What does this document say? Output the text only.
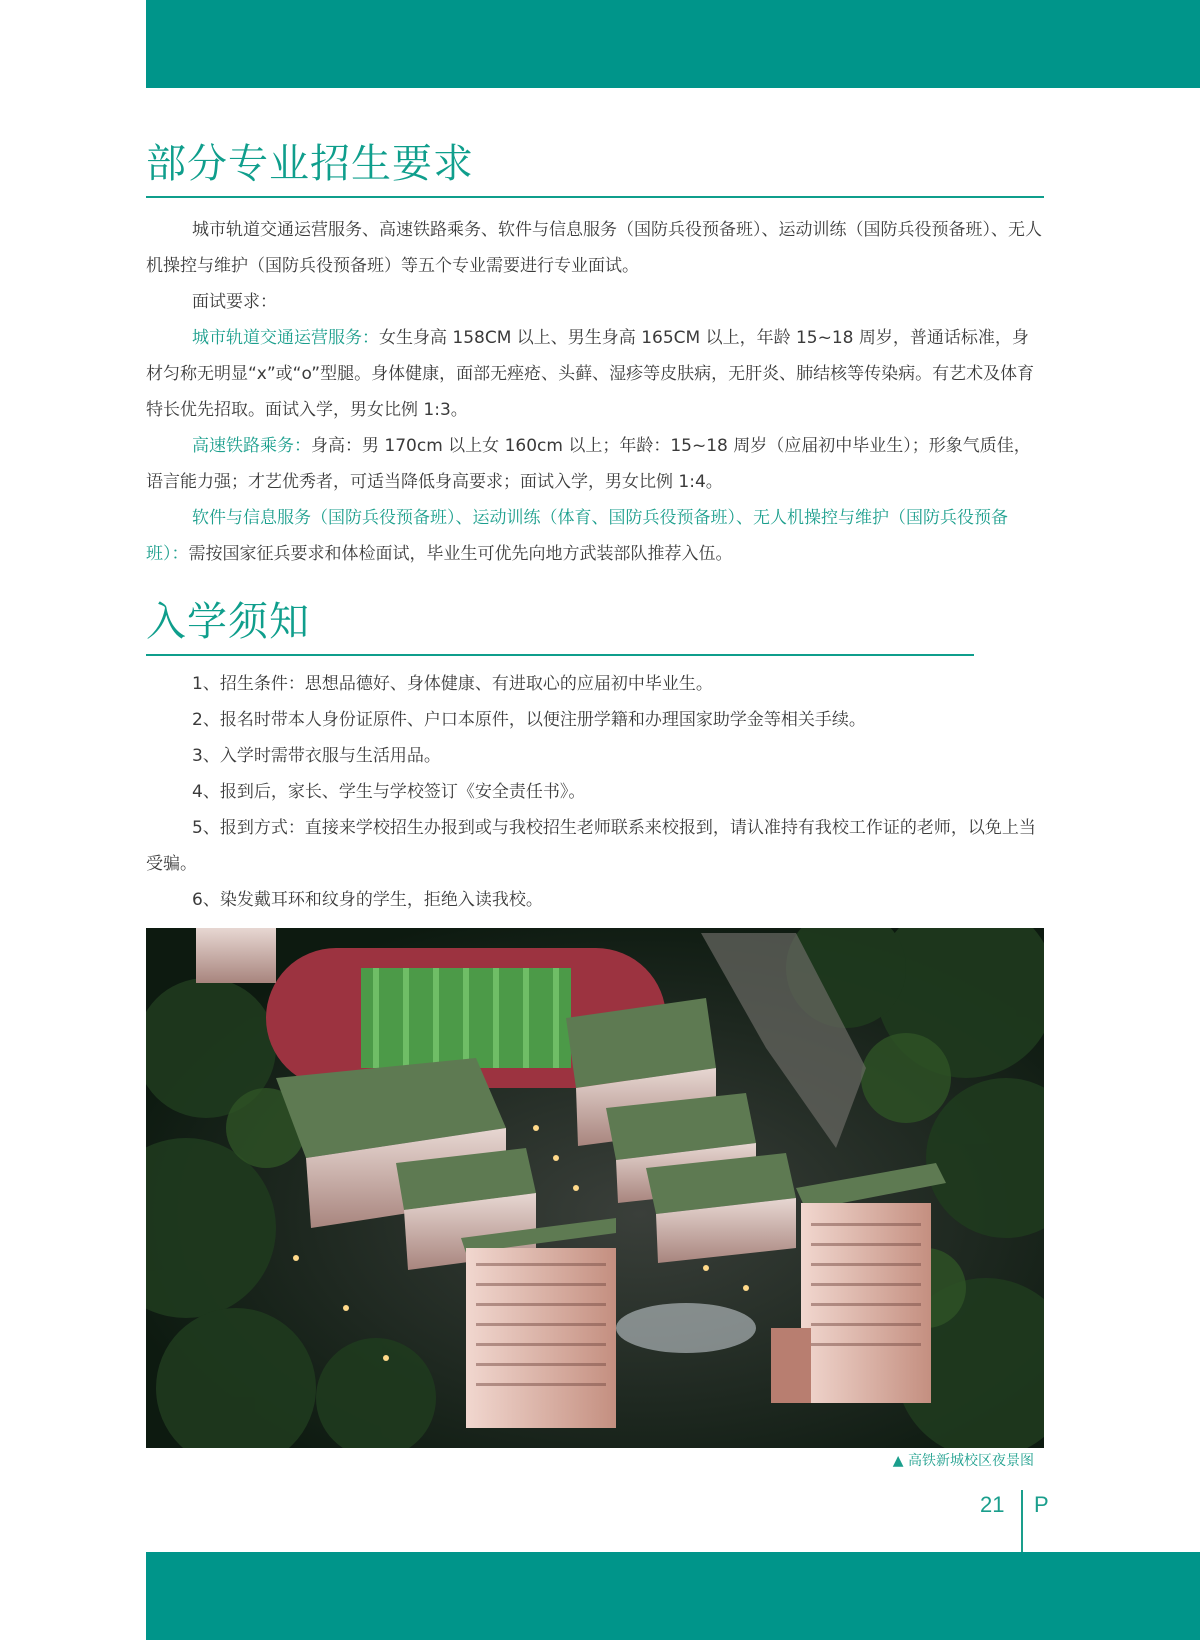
部分专业招生要求

城市轨道交通运营服务、高速铁路乘务、软件与信息服务（国防兵役预备班）、运动训练（国防兵役预备班）、无人机操控与维护（国防兵役预备班）等五个专业需要进行专业面试。

面试要求：

城市轨道交通运营服务：女生身高 158CM 以上、男生身高 165CM 以上，年龄 15~18 周岁，普通话标准，身材匀称无明显“x”或“o”型腿。身体健康，面部无痤疮、头藓、湿疹等皮肤病，无肝炎、肺结核等传染病。有艺术及体育特长优先招取。面试入学，男女比例 1:3。

高速铁路乘务：身高：男 170cm 以上女 160cm 以上；年龄：15~18 周岁（应届初中毕业生）；形象气质佳，语言能力强；才艺优秀者，可适当降低身高要求；面试入学，男女比例 1:4。

软件与信息服务（国防兵役预备班）、运动训练（体育、国防兵役预备班）、无人机操控与维护（国防兵役预备班）：需按国家征兵要求和体检面试，毕业生可优先向地方武装部队推荐入伍。

入学须知

1、招生条件：思想品德好、身体健康、有进取心的应届初中毕业生。

2、报名时带本人身份证原件、户口本原件，以便注册学籍和办理国家助学金等相关手续。

3、入学时需带衣服与生活用品。

4、报到后，家长、学生与学校签订《安全责任书》。

5、报到方式：直接来学校招生办报到或与我校招生老师联系来校报到，请认准持有我校工作证的老师，以免上当受骗。

6、染发戴耳环和纹身的学生，拒绝入读我校。

▲ 高铁新城校区夜景图
21 P
